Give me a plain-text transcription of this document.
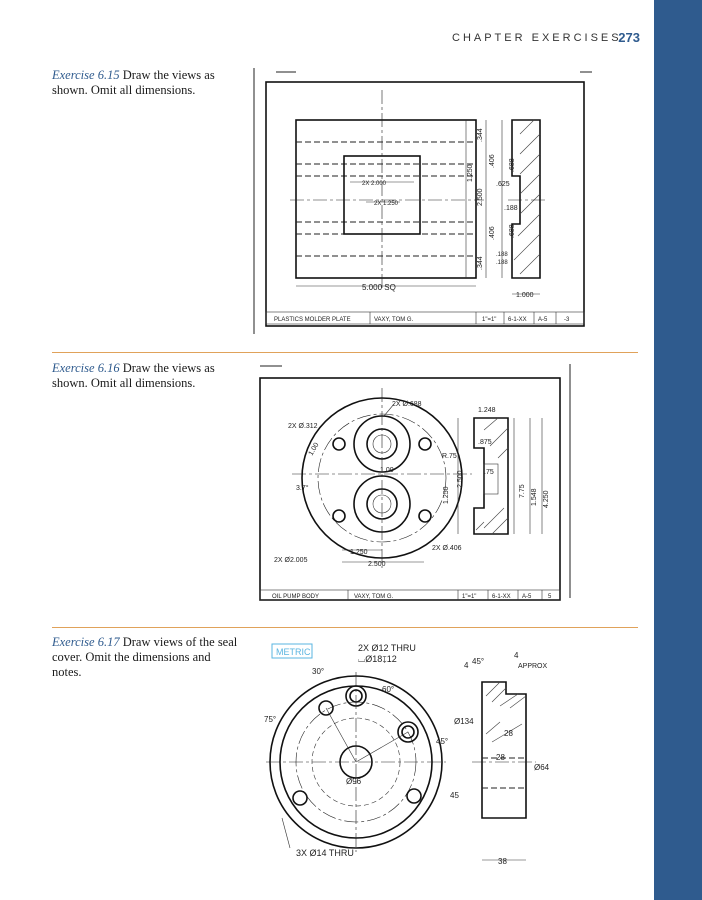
CHAPTER EXERCISES
273
Exercise 6.15 Draw the views as
shown. Omit all dimensions.
2X 2.000
2X 1.250
.344
.406 .688
1.250
2.500
.625
.188
.406 .688
.344
.188
.188
5.000 SQ
1.000
PLASTICS MOLDER PLATE	VAXY, TOM G.	1"=1" 6-1-XX A-5	-3
Exercise 6.16 Draw the views as
shown. Omit all dimensions.
2X Ø.688
1.248
.875
2X Ø.312
1.00	R.75
1.00
3.7°
2.500
1.250
.75
4.250
1.548
7.75
2X Ø.406
1.250
2.500
2X Ø2.005
OIL PUMP BODY	VAXY, TOM G.	1"=1"	6-1-XX A-5	5
Exercise 6.17 Draw views of the seal
cover. Omit the dimensions and notes.
METRIC	2X Ø12 THRU
⌴Ø18↧12
30°
60°
75°
45°
Ø96
45
3X Ø14 THRU
45°
4
4
APPROX
Ø134
28
28
Ø64
38
